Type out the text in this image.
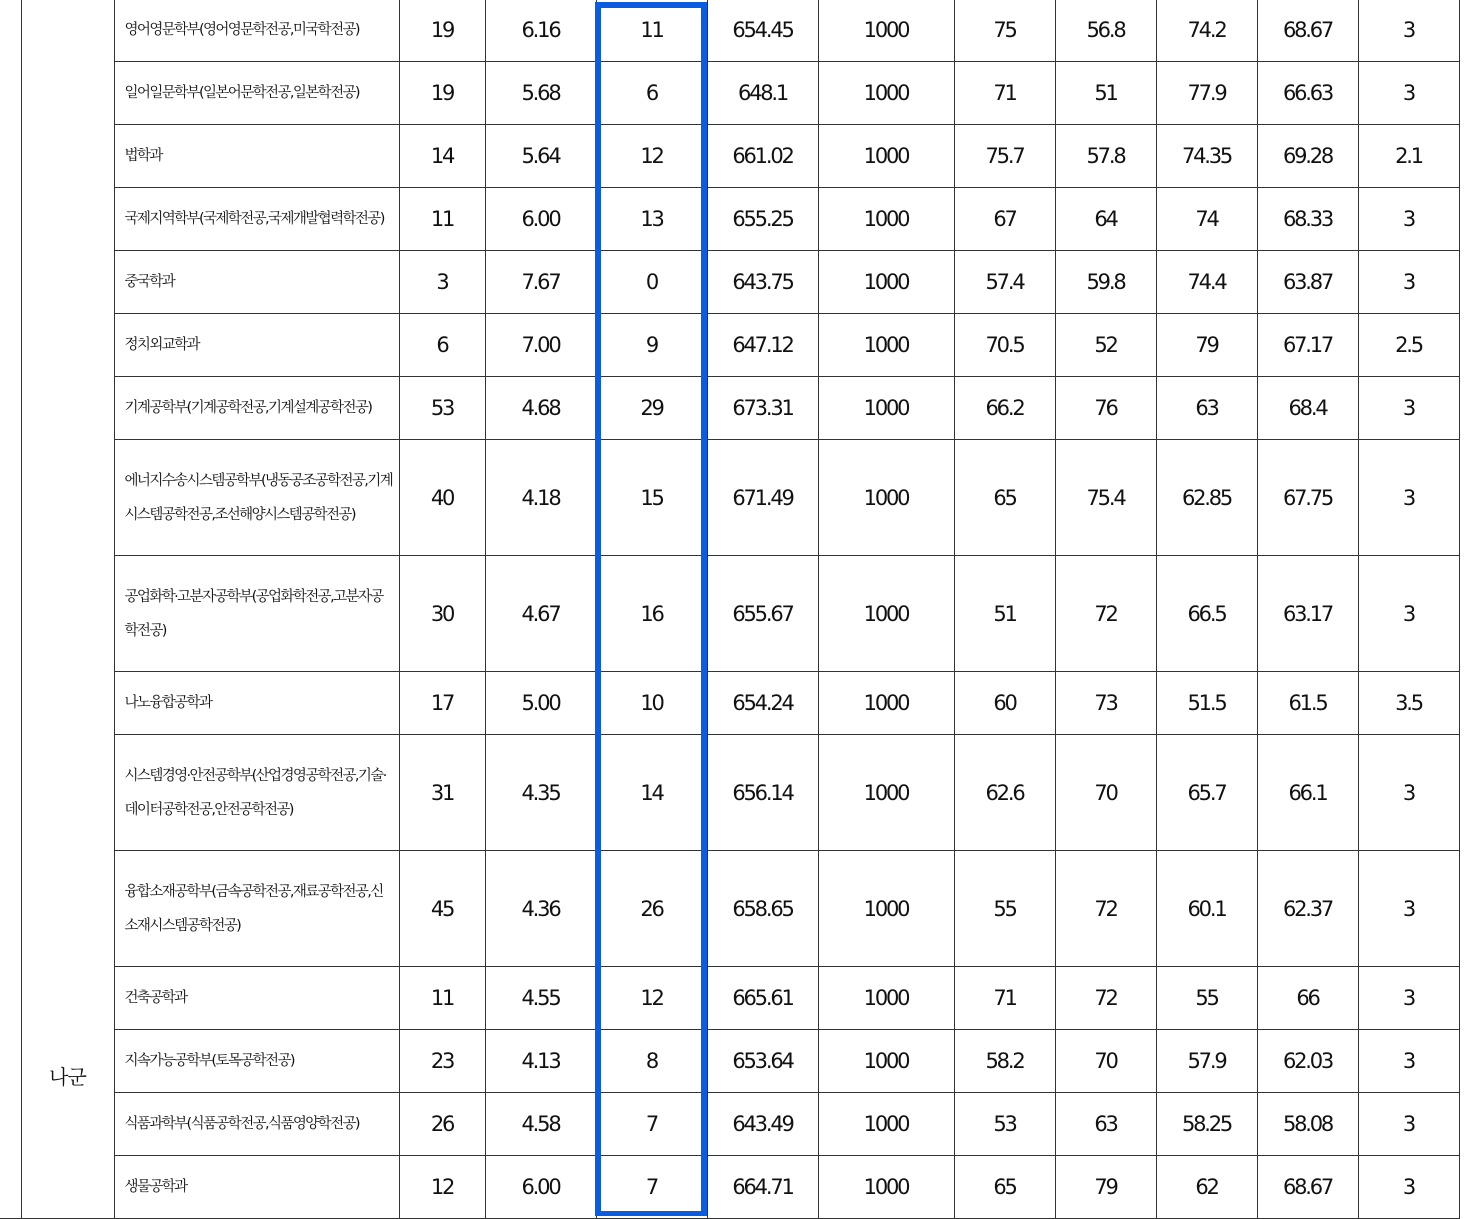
	나군	영어영문학부(영어영문학전공,미국학전공)	19	6.16	11	654.45	1000	75	56.8	74.2	68.67	3
		일어일문학부(일본어문학전공,일본학전공)	19	5.68	6	648.1	1000	71	51	77.9	66.63	3
		법학과	14	5.64	12	661.02	1000	75.7	57.8	74.35	69.28	2.1
		국제지역학부(국제학전공,국제개발협력학전공)	11	6.00	13	655.25	1000	67	64	74	68.33	3
		중국학과	3	7.67	0	643.75	1000	57.4	59.8	74.4	63.87	3
		정치외교학과	6	7.00	9	647.12	1000	70.5	52	79	67.17	2.5
		기계공학부(기계공학전공,기계설계공학전공)	53	4.68	29	673.31	1000	66.2	76	63	68.4	3
		에너지수송시스템공학부(냉동공조공학전공,기계시스템공학전공,조선해양시스템공학전공)	40	4.18	15	671.49	1000	65	75.4	62.85	67.75	3
		공업화학·고분자공학부(공업화학전공,고분자공학전공)	30	4.67	16	655.67	1000	51	72	66.5	63.17	3
		나노융합공학과	17	5.00	10	654.24	1000	60	73	51.5	61.5	3.5
		시스템경영·안전공학부(산업경영공학전공,기술·데이터공학전공,안전공학전공)	31	4.35	14	656.14	1000	62.6	70	65.7	66.1	3
		융합소재공학부(금속공학전공,재료공학전공,신소재시스템공학전공)	45	4.36	26	658.65	1000	55	72	60.1	62.37	3
		건축공학과	11	4.55	12	665.61	1000	71	72	55	66	3
		지속가능공학부(토목공학전공)	23	4.13	8	653.64	1000	58.2	70	57.9	62.03	3
		식품과학부(식품공학전공,식품영양학전공)	26	4.58	7	643.49	1000	53	63	58.25	58.08	3
		생물공학과	12	6.00	7	664.71	1000	65	79	62	68.67	3
